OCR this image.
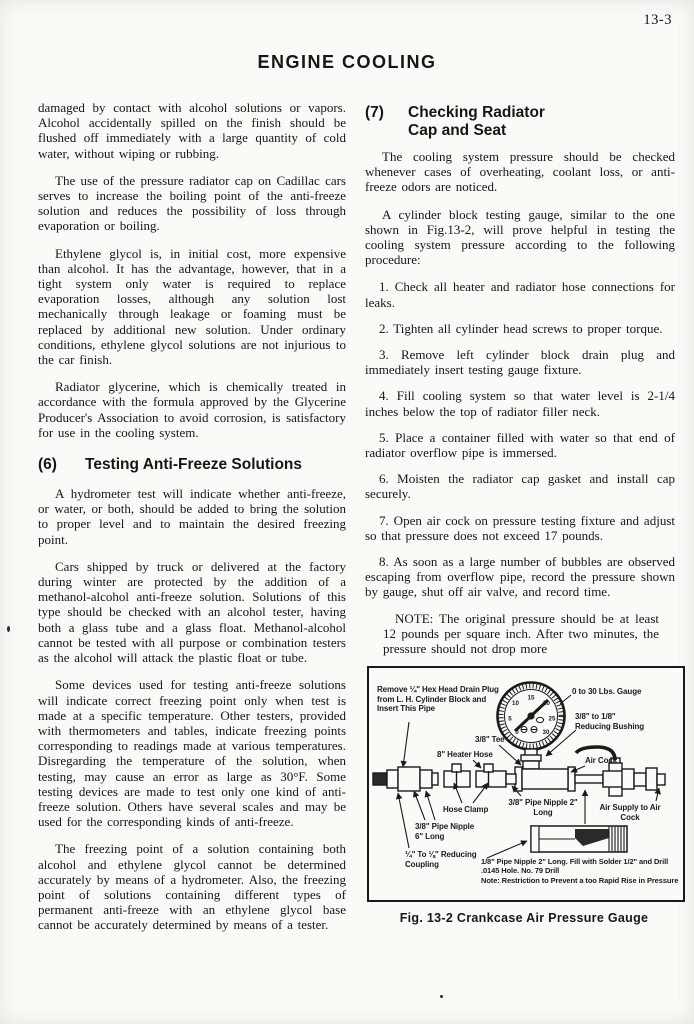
13-3
ENGINE COOLING

damaged by contact with alcohol solutions or vapors. Alcohol accidentally spilled on the finish should be flushed off immediately with a large quantity of cold water, without wiping or rubbing.

The use of the pressure radiator cap on Cadillac cars serves to increase the boiling point of the anti-freeze solution and reduces the possibility of loss through evaporation or boiling.

Ethylene glycol is, in initial cost, more expensive than alcohol. It has the advantage, however, that in a tight system only water is required to replace evaporation losses, although any solution lost mechanically through leakage or foaming must be replaced by additional new solution. Under ordinary conditions, ethylene glycol solutions are not injurious to the car finish.

Radiator glycerine, which is chemically treated in accordance with the formula approved by the Glycerine Producer's Association to avoid corrosion, is satisfactory for use in the cooling system.

(6)	Testing Anti-Freeze Solutions

A hydrometer test will indicate whether anti-freeze, or water, or both, should be added to bring the solution to proper level and to maintain the desired freezing point.

Cars shipped by truck or delivered at the factory during winter are protected by the addition of a methanol-alcohol anti-freeze solution. Solutions of this type should be checked with an alcohol tester, having both a glass tube and a glass float. Methanol-alcohol cannot be tested with all purpose or combination testers as the alcohol will attack the plastic float or tube.

Some devices used for testing anti-freeze solutions will indicate correct freezing point only when test is made at a specific temperature. Other testers, provided with thermometers and tables, indicate freezing points corresponding to readings made at various temperatures. Disregarding the temperature of the solution, when testing, may cause an error as large as 30°F. Some testing devices are made to test only one kind of anti-freeze solution. Others have several scales and may be used for the corresponding kinds of anti-freeze.

The freezing point of a solution containing both alcohol and ethylene glycol cannot be determined accurately by means of a hydrometer. Also, the freezing point of solutions containing different types of permanent anti-freeze with an ethylene glycol base cannot be accurately determined by means of a tester.

(7)	Checking Radiator Cap and Seat

The cooling system pressure should be checked whenever cases of overheating, coolant loss, or anti-freeze odors are noticed.

A cylinder block testing gauge, similar to the one shown in Fig.13-2, will prove helpful in testing the cooling system pressure according to the following procedure:

1. Check all heater and radiator hose connections for leaks.

2. Tighten all cylinder head screws to proper torque.

3. Remove left cylinder block drain plug and immediately insert testing gauge fixture.

4. Fill cooling system so that water level is 2-1/4 inches below the top of radiator filler neck.

5. Place a container filled with water so that end of radiator overflow pipe is immersed.

6. Moisten the radiator cap gasket and install cap securely.

7. Open air cock on pressure testing fixture and adjust so that pressure does not exceed 17 pounds.

8. As soon as a large number of bubbles are observed escaping from overflow pipe, record the pressure shown by gauge, shut off air valve, and record time.

NOTE: The original pressure should be at least 12 pounds per square inch. After two minutes, the pressure should not drop more

0
5
10
15
20
25
30
Remove ¼" Hex Head Drain Plug from L. H. Cylinder Block and Insert This Pipe
0 to 30 Lbs. Gauge
3/8" to 1/8" Reducing Bushing
3/8" Tee
8" Heater Hose
Air Cock
Hose Clamp
3/8" Pipe Nipple 2" Long	Air Supply to Air Cock
3/8" Pipe Nipple 6" Long
¼" To ⅛" Reducing Coupling	1/8" Pipe Nipple 2" Long. Fill with Solder 1/2" and Drill .0145 Hole. No. 79 Drill
Note: Restriction to Prevent a too Rapid Rise in Pressure
Fig. 13-2 Crankcase Air Pressure Gauge
